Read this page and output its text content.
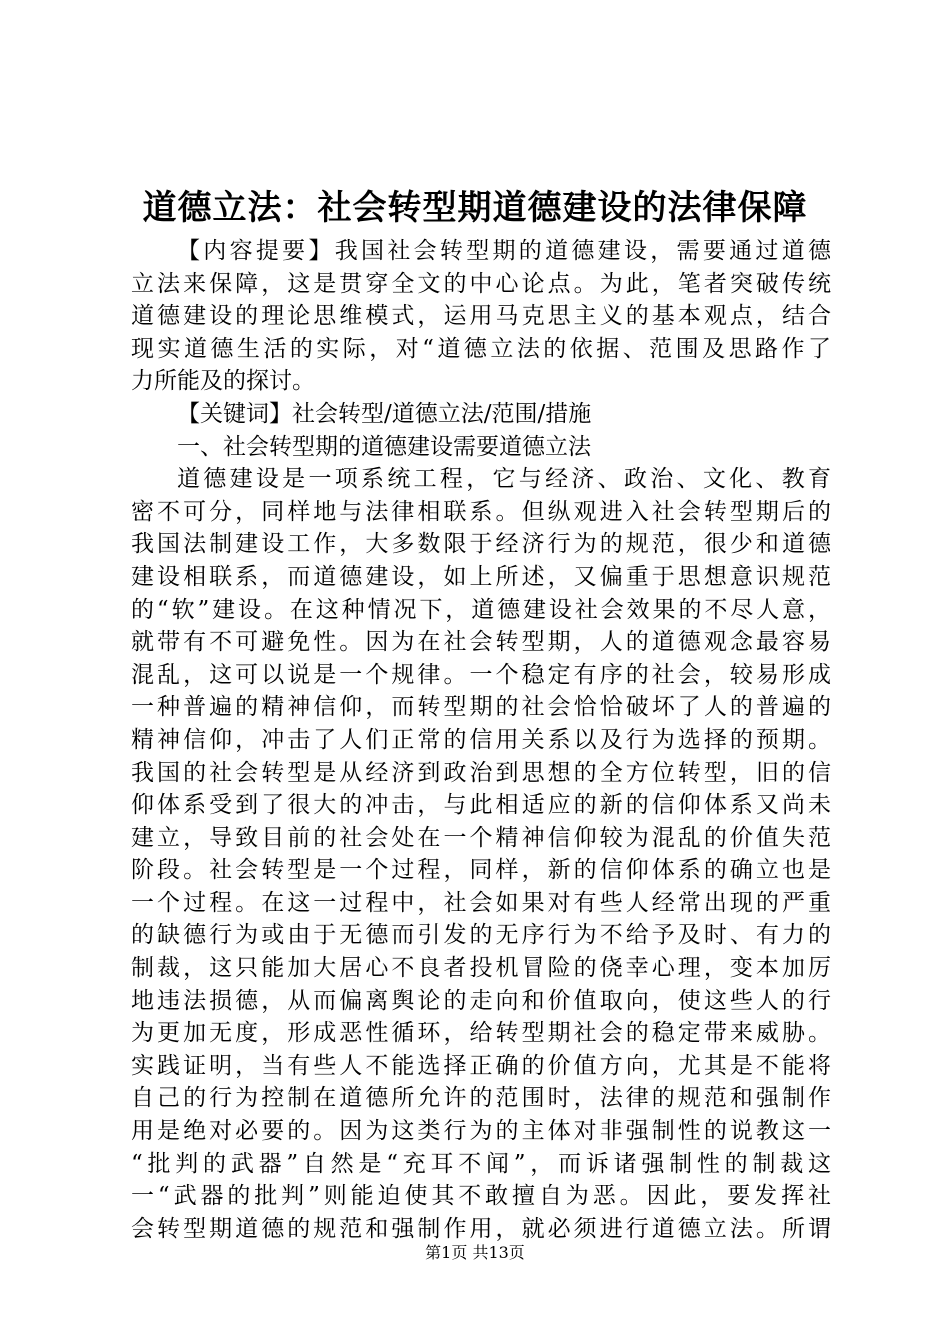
道德立法：社会转型期道德建设的法律保障
【内容提要】我国社会转型期的道德建设，需要通过道德
立法来保障，这是贯穿全文的中心论点。为此，笔者突破传统
道德建设的理论思维模式，运用马克思主义的基本观点，结合
现实道德生活的实际，对“道德立法的依据、范围及思路作了
力所能及的探讨。
【关键词】社会转型/道德立法/范围/措施
一、社会转型期的道德建设需要道德立法
道德建设是一项系统工程，它与经济、政治、文化、教育
密不可分，同样地与法律相联系。但纵观进入社会转型期后的
我国法制建设工作，大多数限于经济行为的规范，很少和道德
建设相联系，而道德建设，如上所述，又偏重于思想意识规范
的“软”建设。在这种情况下，道德建设社会效果的不尽人意，
就带有不可避免性。因为在社会转型期，人的道德观念最容易
混乱，这可以说是一个规律。一个稳定有序的社会，较易形成
一种普遍的精神信仰，而转型期的社会恰恰破坏了人的普遍的
精神信仰，冲击了人们正常的信用关系以及行为选择的预期。
我国的社会转型是从经济到政治到思想的全方位转型，旧的信
仰体系受到了很大的冲击，与此相适应的新的信仰体系又尚未
建立，导致目前的社会处在一个精神信仰较为混乱的价值失范
阶段。社会转型是一个过程，同样，新的信仰体系的确立也是
一个过程。在这一过程中，社会如果对有些人经常出现的严重
的缺德行为或由于无德而引发的无序行为不给予及时、有力的
制裁，这只能加大居心不良者投机冒险的侥幸心理，变本加厉
地违法损德，从而偏离舆论的走向和价值取向，使这些人的行
为更加无度，形成恶性循环，给转型期社会的稳定带来威胁。
实践证明，当有些人不能选择正确的价值方向，尤其是不能将
自己的行为控制在道德所允许的范围时，法律的规范和强制作
用是绝对必要的。因为这类行为的主体对非强制性的说教这一
“批判的武器”自然是“充耳不闻”，而诉诸强制性的制裁这
一“武器的批判”则能迫使其不敢擅自为恶。因此，要发挥社
会转型期道德的规范和强制作用，就必须进行道德立法。所谓
第1页 共13页
